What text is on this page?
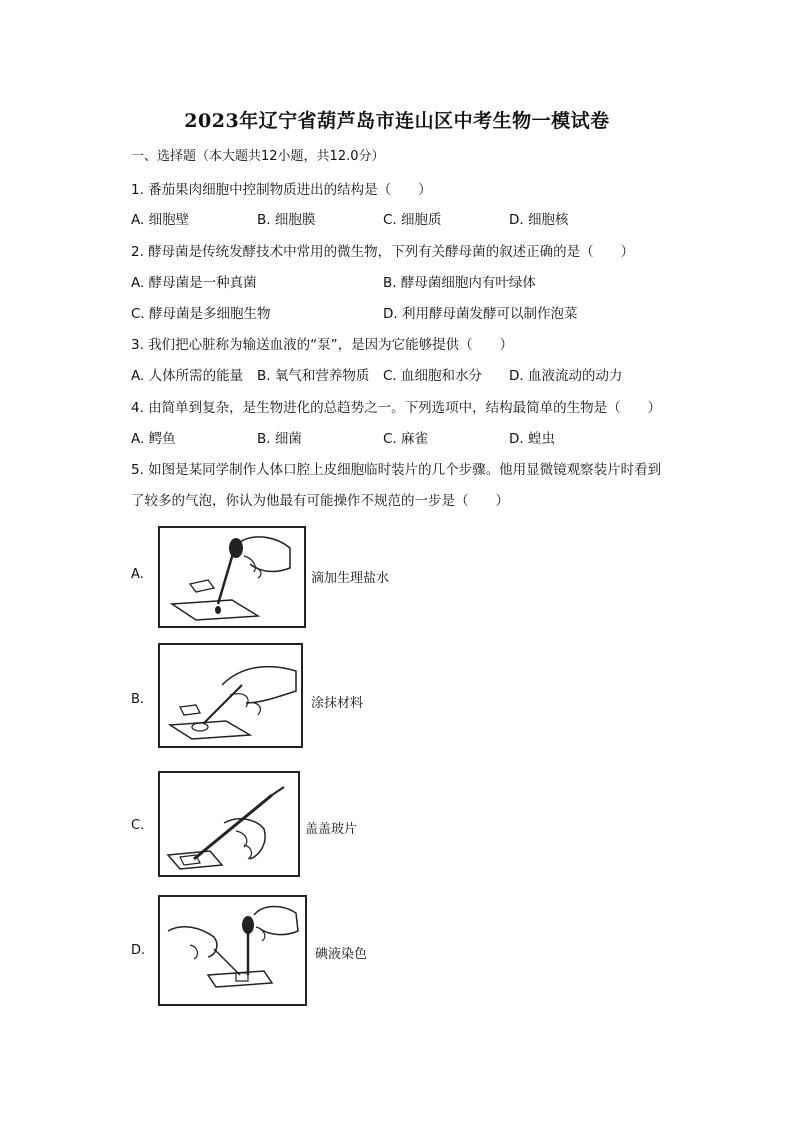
2023年辽宁省葫芦岛市连山区中考生物一模试卷
一、选择题（本大题共12小题，共12.0分）
1. 番茄果肉细胞中控制物质进出的结构是（　　）
A. 细胞壁	B. 细胞膜	C. 细胞质	D. 细胞核
2. 酵母菌是传统发酵技术中常用的微生物，下列有关酵母菌的叙述正确的是（　　）
A. 酵母菌是一种真菌	B. 酵母菌细胞内有叶绿体
C. 酵母菌是多细胞生物	D. 利用酵母菌发酵可以制作泡菜
3. 我们把心脏称为输送血液的“泵”，是因为它能够提供（　　）
A. 人体所需的能量 B. 氧气和营养物质 C. 血细胞和水分 D. 血液流动的动力
4. 由简单到复杂，是生物进化的总趋势之一。下列选项中，结构最简单的生物是（　　）
A. 鳄鱼	B. 细菌	C. 麻雀	D. 蝗虫
5. 如图是某同学制作人体口腔上皮细胞临时装片的几个步骤。他用显微镜观察装片时看到
了较多的气泡，你认为他最有可能操作不规范的一步是（　　）
A.	滴加生理盐水
B.	涂抹材料
C.	盖盖玻片
D.	碘液染色
